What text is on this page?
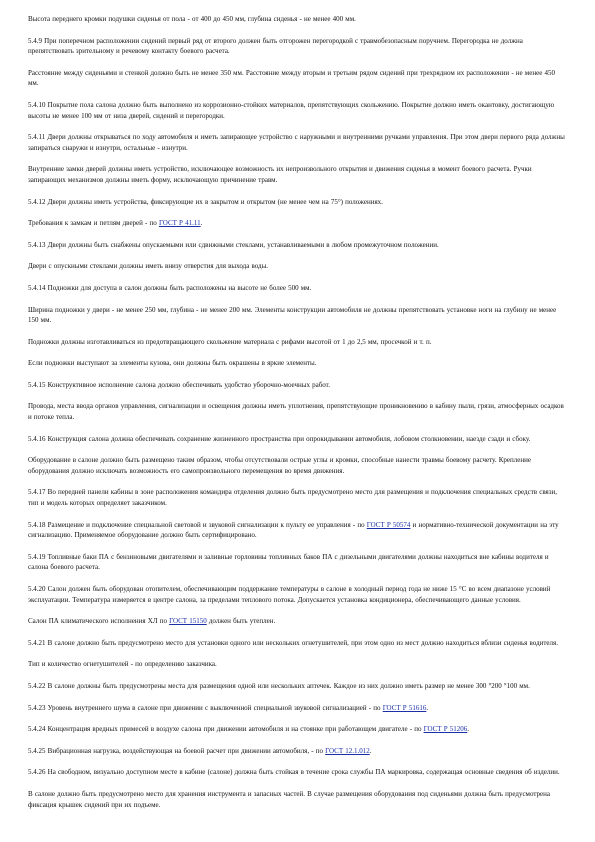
Высота переднего кромки подушки сиденья от пола - от 400 до 450 мм, глубина сиденья - не менее 400 мм.

5.4.9 При поперечном расположении сидений первый ряд от второго должен быть отгорожен перегородкой с травмобезопасным поручнем. Перегородка не должна препятствовать зрительному и речевому контакту боевого расчета.

Расстояние между сиденьями и стенкой должно быть не менее 350 мм. Расстояние между вторым и третьим рядом сидений при трехрядном их расположении - не менее 450 мм.

5.4.10 Покрытие пола салона должно быть выполнено из коррозионно-стойких материалов, препятствующих скольжению. Покрытие должно иметь окантовку, достигающую высоты не менее 100 мм от низа дверей, сидений и перегородки.

5.4.11 Двери должны открываться по ходу автомобиля и иметь запирающее устройство с наружными и внутренними ручками управления. При этом двери первого ряда должны запираться снаружи и изнутри, остальные - изнутри.

Внутренние замки дверей должны иметь устройство, исключающее возможность их непроизвольного открытия и движения сиденья в момент боевого расчета. Ручки запирающих механизмов должны иметь форму, исключающую причинение травм.

5.4.12 Двери должны иметь устройства, фиксирующие их в закрытом и открытом (не менее чем на 75°) положениях.

Требования к замкам и петлям дверей - по ГОСТ Р 41.11.

5.4.13 Двери должны быть снабжены опускаемыми или сдвижными стеклами, устанавливаемыми в любом промежуточном положении.

Двери с опускными стеклами должны иметь внизу отверстия для выхода воды.

5.4.14 Подножки для доступа в салон должны быть расположены на высоте не более 500 мм.

Ширина подножки у двери - не менее 250 мм, глубина - не менее 200 мм. Элементы конструкции автомобиля не должны препятствовать установке ноги на глубину не менее 150 мм.

Подножки должны изготавливаться из предотвращающего скольжение материала с рифами высотой от 1 до 2,5 мм, просечкой и т. п.

Если подножки выступают за элементы кузова, они должны быть окрашены в яркие элементы.

5.4.15 Конструктивное исполнение салона должно обеспечивать удобство уборочно-моечных работ.

Провода, места ввода органов управления, сигнализации и освещения должны иметь уплотнения, препятствующие проникновению в кабину пыли, грязи, атмосферных осадков и потоке тепла.

5.4.16 Конструкция салона должна обеспечивать сохранение жизненного пространства при опрокидывании автомобиля, лобовом столкновении, наезде сзади и сбоку.

Оборудование в салоне должно быть размещено таким образом, чтобы отсутствовали острые углы и кромки, способные нанести травмы боевому расчету. Крепление оборудования должно исключать возможность его самопроизвольного перемещения во время движения.

5.4.17 Во передней панели кабины в зоне расположения командира отделения должно быть предусмотрено место для размещения и подключения специальных средств связи, тип и модель которых определяет заказчиком.

5.4.18 Размещение и подключение специальной световой и звуковой сигнализации к пульту ее управления - по ГОСТ Р 50574 и нормативно-технической документации на эту сигнализацию. Применяемое оборудование должно быть сертифицировано.

5.4.19 Топливные баки ПА с бензиновыми двигателями и заливные горловины топливных баков ПА с дизельными двигателями должны находиться вне кабины водителя и салона боевого расчета.

5.4.20 Салон должен быть оборудован отопителем, обеспечивающим поддержание температуры в салоне в холодный период года не ниже 15 °С во всем диапазоне условий эксплуатации. Температура измеряется в центре салона, за пределами теплового потока. Допускается установка кондиционера, обеспечивающего данные условия.

Салон ПА климатического исполнения ХЛ по ГОСТ 15150 должен быть утеплен.

5.4.21 В салоне должно быть предусмотрено место для установки одного или нескольких огнетушителей, при этом одно из мест должно находиться вблизи сиденья водителя.

Тип и количество огнетушителей - по определению заказчика.

5.4.22 В салоне должны быть предусмотрены места для размещения одной или нескольких аптечек. Каждое из них должно иметь размер не менее 300 ˟200 ˟100 мм.

5.4.23 Уровень внутреннего шума в салоне при движении с выключенной специальной звуковой сигнализацией - по ГОСТ Р 51616.

5.4.24 Концентрация вредных примесей в воздухе салона при движении автомобиля и на стоянке при работающем двигателе - по ГОСТ Р 51206.

5.4.25 Вибрационная нагрузка, воздействующая на боевой расчет при движении автомобиля, - по ГОСТ 12.1.012.

5.4.26 На свободном, визуально доступном месте в кабине (салоне) должна быть стойкая в течение срока службы ПА маркировка, содержащая основные сведения об изделии.

В салоне должно быть предусмотрено место для хранения инструмента и запасных частей. В случае размещения оборудования под сиденьями должна быть предусмотрена фиксация крышек сидений при их подъеме.
